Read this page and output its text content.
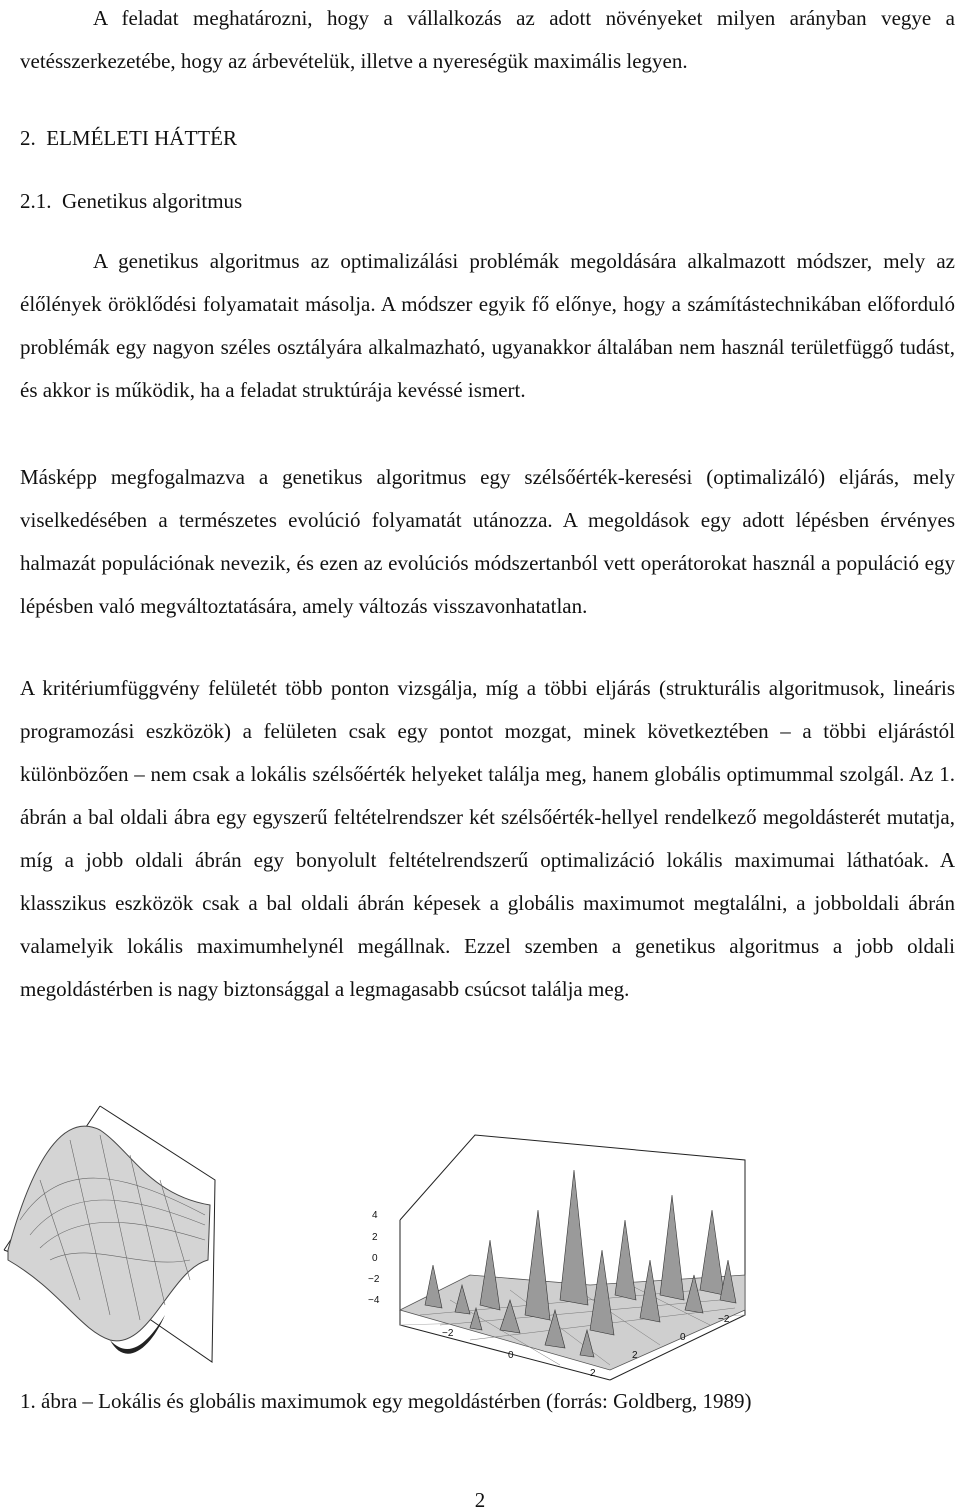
A feladat meghatározni, hogy a vállalkozás az adott növényeket milyen arányban vegye a vetésszerkezetébe, hogy az árbevételük, illetve a nyereségük maximális legyen.

2.  ELMÉLETI HÁTTÉR

2.1.  Genetikus algoritmus

A genetikus algoritmus az optimalizálási problémák megoldására alkalmazott módszer, mely az élőlények öröklődési folyamatait másolja. A módszer egyik fő előnye, hogy a számítástechnikában előforduló problémák egy nagyon széles osztályára alkalmazható, ugyanakkor általában nem használ területfüggő tudást, és akkor is működik, ha a feladat struktúrája kevéssé ismert.

Másképp megfogalmazva a genetikus algoritmus egy szélsőérték-keresési (optimalizáló) eljárás, mely viselkedésében a természetes evolúció folyamatát utánozza. A megoldások egy adott lépésben érvényes halmazát populációnak nevezik, és ezen az evolúciós módszertanból vett operátorokat használ a populáció egy lépésben való megváltoztatására, amely változás visszavonhatatlan.

A kritériumfüggvény felületét több ponton vizsgálja, míg a többi eljárás (strukturális algoritmusok, lineáris programozási eszközök) a felületen csak egy pontot mozgat, minek következtében – a többi eljárástól különbözően – nem csak a lokális szélsőérték helyeket találja meg, hanem globális optimummal szolgál. Az 1. ábrán a bal oldali ábra egy egyszerű feltételrendszer két szélsőérték-hellyel rendelkező megoldásterét mutatja, míg a jobb oldali ábrán egy bonyolult feltételrendszerű optimalizáció lokális maximumai láthatóak. A klasszikus eszközök csak a bal oldali ábrán képesek a globális maximumot megtalálni, a jobboldali ábrán valamelyik lokális maximumhelynél megállnak. Ezzel szemben a genetikus algoritmus a jobb oldali megoldástérben is nagy biztonsággal a legmagasabb csúcsot találja meg.

4
2
0
−2
−4
−2
0
2
2
0
−2

1. ábra – Lokális és globális maximumok egy megoldástérben (forrás: Goldberg, 1989)

2
